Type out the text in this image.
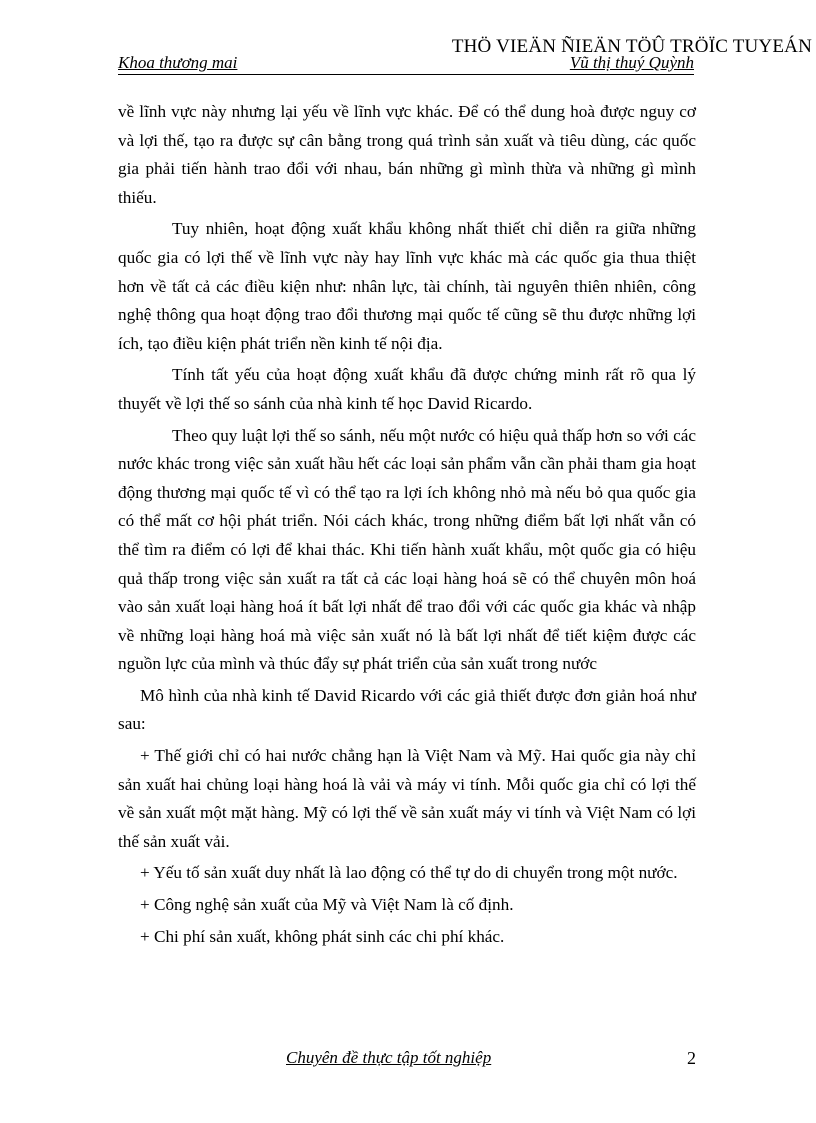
THÖ VIEÄN ÑIEÄN TÖÛ TRÖÏC TUYEÁN
Khoa thương mai	Vũ thị thuý Quỳnh

về lĩnh vực này nhưng lại yếu về lĩnh vực khác. Để có thể dung hoà được nguy cơ và lợi thế, tạo ra được sự cân bằng trong quá trình sản xuất và tiêu dùng, các quốc gia phải tiến hành trao đổi với nhau, bán những gì mình thừa và những gì mình thiếu.

Tuy nhiên, hoạt động xuất khẩu không nhất thiết chỉ diễn ra giữa những quốc gia có lợi thế về lĩnh vực này hay lĩnh vực khác mà các quốc gia thua thiệt hơn về tất cả các điều kiện như: nhân lực, tài chính, tài nguyên thiên nhiên, công nghệ thông qua hoạt động trao đổi thương mại quốc tế cũng sẽ thu được những lợi ích, tạo điều kiện phát triển nền kinh tế nội địa.

Tính tất yếu của hoạt động xuất khẩu đã được chứng minh rất rõ qua lý thuyết về lợi thế so sánh của nhà kinh tế học David Ricardo.

Theo quy luật lợi thế so sánh, nếu một nước có hiệu quả thấp hơn so với các nước khác trong việc sản xuất hầu hết các loại sản phẩm vẫn cần phải tham gia hoạt động thương mại quốc tế vì có thể tạo ra lợi ích không nhỏ mà nếu bỏ qua quốc gia có thể mất cơ hội phát triển. Nói cách khác, trong những điểm bất lợi nhất vẫn có thể tìm ra điểm có lợi để khai thác. Khi tiến hành xuất khẩu, một quốc gia có hiệu quả thấp trong việc sản xuất ra tất cả các loại hàng hoá sẽ có thể chuyên môn hoá vào sản xuất loại hàng hoá ít bất lợi nhất để trao đổi với các quốc gia khác và nhập về những loại hàng hoá mà việc sản xuất nó là bất lợi nhất để tiết kiệm được các nguồn lực của mình và thúc đẩy sự phát triển của sản xuất trong nước

Mô hình của nhà kinh tế David Ricardo với các giả thiết được đơn giản hoá như sau:

+ Thế giới chỉ có hai nước chẳng hạn là Việt Nam và Mỹ. Hai quốc gia này chỉ sản xuất hai chủng loại hàng hoá là vải và máy vi tính. Mỗi quốc gia chỉ có lợi thế về sản xuất một mặt hàng. Mỹ có lợi thế về sản xuất máy vi tính và Việt Nam có lợi thế sản xuất vải.

+ Yếu tố sản xuất duy nhất là lao động có thể tự do di chuyển trong một nước.

+ Công nghệ sản xuất của Mỹ và Việt Nam là cố định.

+ Chi phí sản xuất, không phát sinh các chi phí khác.

Chuyên đề thực tập tốt nghiệp	2
